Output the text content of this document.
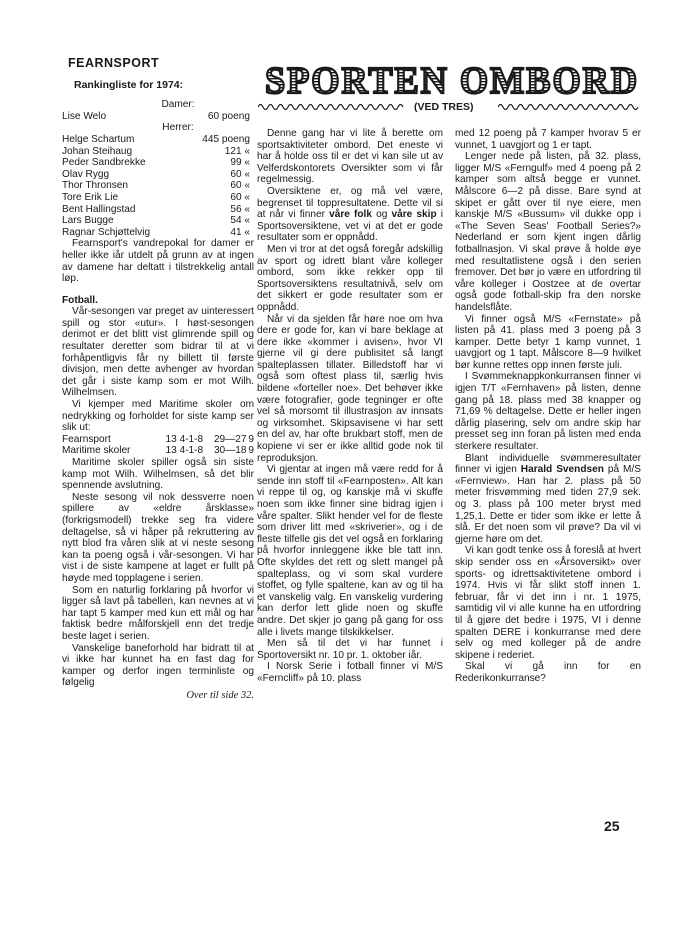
FEARNSPORT
Rankingliste for 1974:
Damer:
Lise Welo	60 poeng
Herrer:
Helge Schartum	445 poeng
Johan Steihaug	121 «
Peder Sandbrekke	99 «
Olav Rygg	60 «
Thor Thronsen	60 «
Tore Erik Lie	60 «
Bent Hallingstad	56 «
Lars Bugge	54 «
Ragnar Schjøttelvig	41 «

Fearnsport's vandrepokal for damer er heller ikke iår utdelt på grunn av at ingen av damene har deltatt i tilstrekkelig antall løp.

Fotball.

Vår-sesongen var preget av uinteressert spill og stor «utur». I høst-sesongen derimot er det blitt vist glimrende spill og resultater deretter som bidrar til at vi forhåpentligvis får ny billett til første divisjon, men dette avhenger av hvordan det går i siste kamp som er mot Wilh. Wilhelmsen.

Vi kjemper med Maritime skoler om nedrykking og forholdet for siste kamp ser slik ut:

Fearnsport	13 4-1-8	29—27	9
Maritime skoler	13 4-1-8	30—18	9

Maritime skoler spiller også sin siste kamp mot Wilh. Wilhelmsen, så det blir spennende avslutning.

Neste sesong vil nok dessverre noen spillere av «eldre årsklasse» (forkrigsmodell) trekke seg fra videre deltagelse, så vi håper på rekruttering av nytt blod fra våren slik at vi neste sesong kan ta poeng også i vår-sesongen. Vi har vist i de siste kampene at laget er fullt på høyde med topplagene i serien.

Som en naturlig forklaring på hvorfor vi ligger så lavt på tabellen, kan nevnes at vi har tapt 5 kamper med kun ett mål og har faktisk bedre målforskjell enn det tredje beste laget i serien.

Vanskelige baneforhold har bidratt til at vi ikke har kunnet ha en fast dag for kamper og derfor ingen terminliste og følgelig

Over til side 32.
SPORTEN OMBORD
(VED TRES)

Denne gang har vi lite å berette om sportsaktiviteter ombord. Det eneste vi har å holde oss til er det vi kan sile ut av Velferdskontorets Oversikter som vi får regelmessig.

Oversiktene er, og må vel være, begrenset til toppresultatene. Dette vil si at når vi finner våre folk og våre skip i Sportsoversiktene, vet vi at det er gode resultater som er oppnådd.

Men vi tror at det også foregår adskillig av sport og idrett blant våre kolleger ombord, som ikke rekker opp til Sportsoversiktens resultatnivå, selv om det sikkert er gode resultater som er oppnådd.

Når vi da sjelden får høre noe om hva dere er gode for, kan vi bare beklage at dere ikke «kommer i avisen», hvor VI gjerne vil gi dere publisitet så langt spalteplassen tillater. Billedstoff har vi også som oftest plass til, særlig hvis bildene «forteller noe». Det behøver ikke være fotografier, gode tegninger er ofte vel så morsomt til illustrasjon av innsats og virksomhet. Skipsavisene vi har sett en del av, har ofte brukbart stoff, men de kopiene vi ser er ikke alltid gode nok til reproduksjon.

Vi gjentar at ingen må være redd for å sende inn stoff til «Fearnposten». Alt kan vi reppe til og, og kanskje må vi skuffe noen som ikke finner sine bidrag igjen i våre spalter. Slikt hender vel for de fleste som driver litt med «skriverier», og i de fleste tilfelle gis det vel også en forklaring på hvorfor innleggene ikke ble tatt inn. Ofte skyldes det rett og slett mangel på spalteplass, og vi som skal vurdere stoffet, og fylle spaltene, kan av og til ha et vanskelig valg. En vanskelig vurdering kan derfor lett glide noen og skuffe andre. Det skjer jo gang på gang for oss alle i livets mange tilskikkelser.

Men så til det vi har funnet i Sportoversikt nr. 10 pr. 1. oktober iår.

I Norsk Serie i fotball finner vi M/S «Ferncliff» på 10. plass

med 12 poeng på 7 kamper hvorav 5 er vunnet, 1 uavgjort og 1 er tapt.

Lenger nede på listen, på 32. plass, ligger M/S «Ferngulf» med 4 poeng på 2 kamper som altså begge er vunnet. Målscore 6—2 på disse. Bare synd at skipet er gått over til nye eiere, men kanskje M/S «Bussum» vil dukke opp i «The Seven Seas' Football Series?» Nederland er som kjent ingen dårlig fotballnasjon. Vi skal prøve å holde øye med resultatlistene også i den serien fremover. Det bør jo være en utfordring til våre kolleger i Oostzee at de overtar også gode fotball-skip fra den norske handelsflåte.

Vi finner også M/S «Fernstate» på listen på 41. plass med 3 poeng på 3 kamper. Dette betyr 1 kamp vunnet, 1 uavgjort og 1 tapt. Målscore 8—9 hvilket bør kunne rettes opp innen første juli.

I Svømmeknappkonkurransen finner vi igjen T/T «Fernhaven» på listen, denne gang på 18. plass med 38 knapper og 71,69 % deltagelse. Dette er heller ingen dårlig plasering, selv om andre skip har presset seg inn foran på listen med enda sterkere resultater.

Blant individuelle svømmeresultater finner vi igjen Harald Svendsen på M/S «Fernview». Han har 2. plass på 50 meter frisvømming med tiden 27,9 sek. og 3. plass på 100 meter bryst med 1,25,1. Dette er tider som ikke er lette å slå. Er det noen som vil prøve? Da vil vi gjerne høre om det.

Vi kan godt tenke oss å foreslå at hvert skip sender oss en «Årsoversikt» over sports- og idrettsaktivitetene ombord i 1974. Hvis vi får slikt stoff innen 1. februar, får vi det inn i nr. 1 1975, samtidig vil vi alle kunne ha en utfordring til å gjøre det bedre i 1975, VI i denne spalten DERE i konkurranse med dere selv og med kolleger på de andre skipene i rederiet.

Skal vi gå inn for en Rederikonkurranse?

25
